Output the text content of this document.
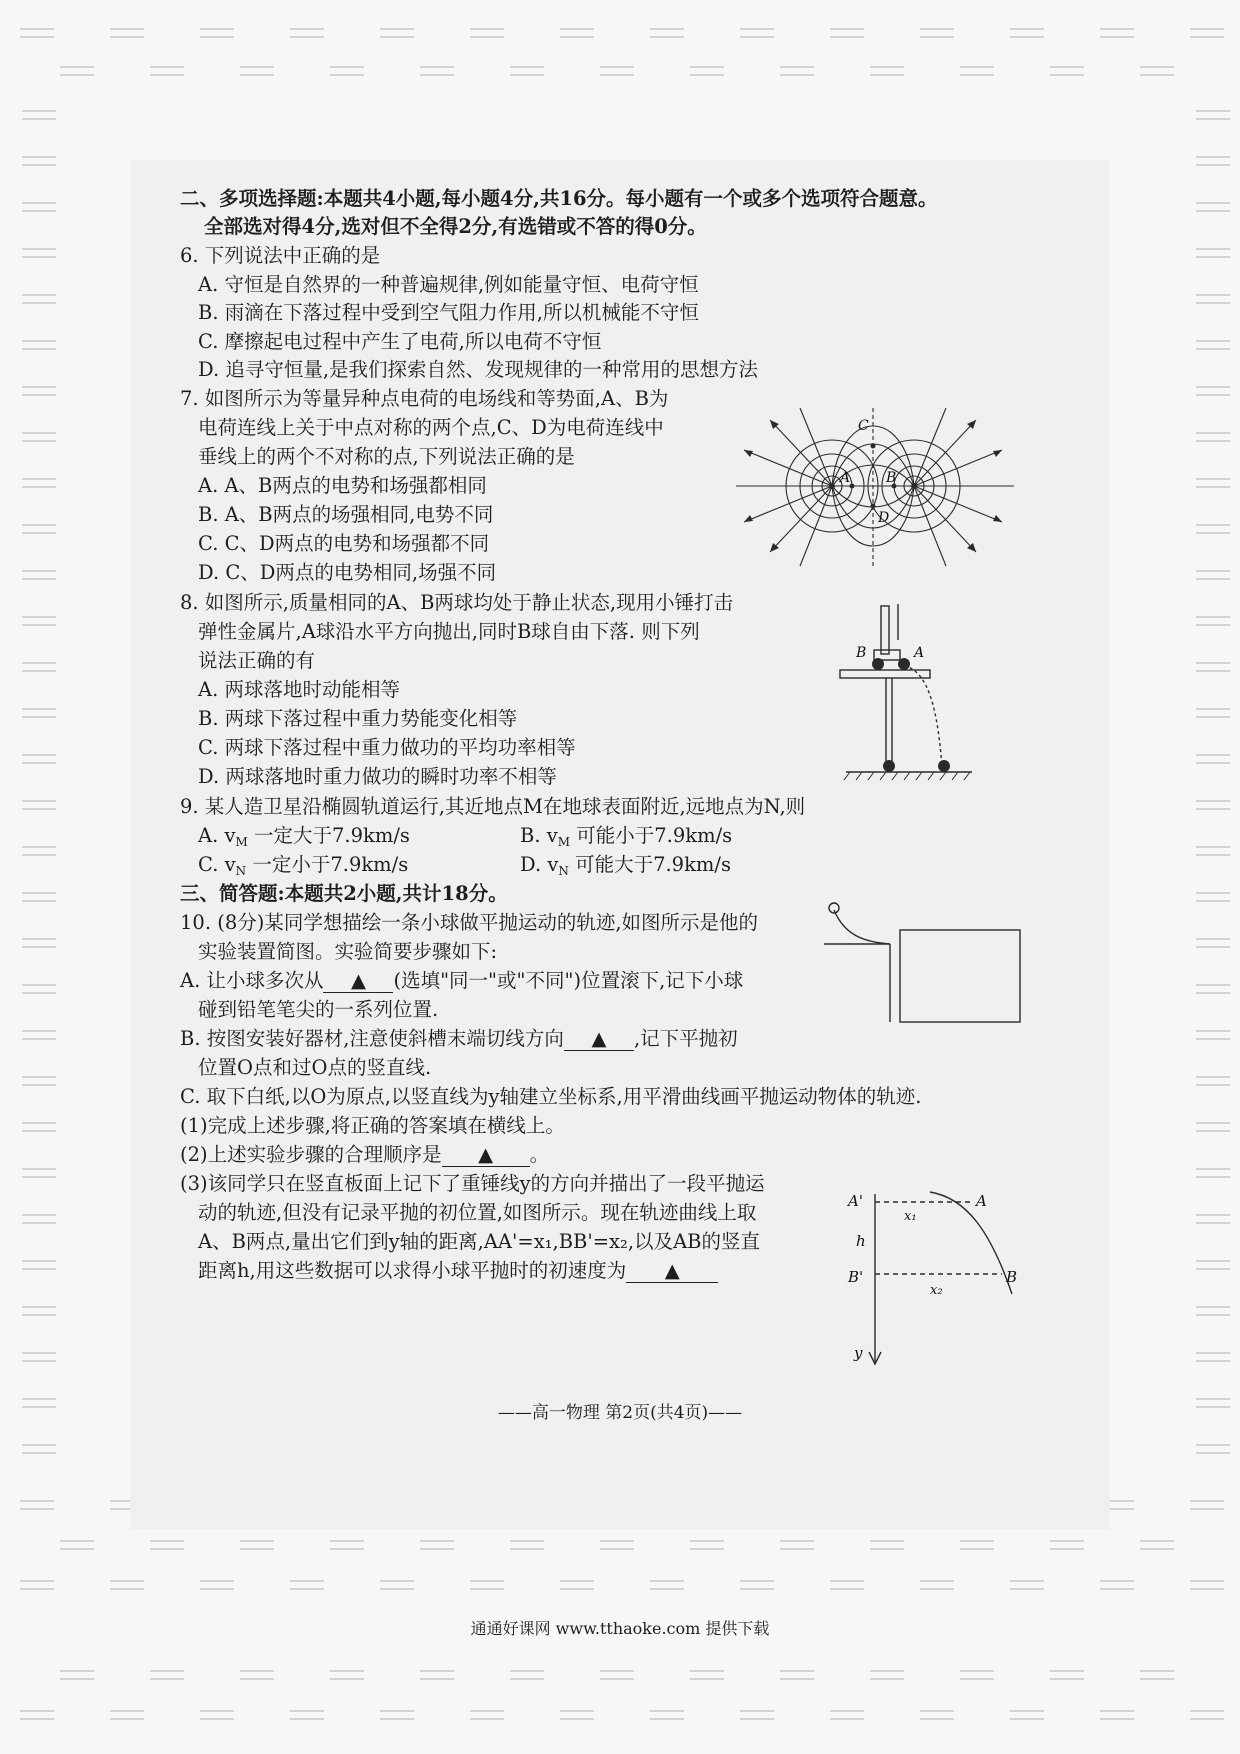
二、多项选择题:本题共4小题,每小题4分,共16分。每小题有一个或多个选项符合题意。
全部选对得4分,选对但不全得2分,有选错或不答的得0分。
6. 下列说法中正确的是
A. 守恒是自然界的一种普遍规律,例如能量守恒、电荷守恒
B. 雨滴在下落过程中受到空气阻力作用,所以机械能不守恒
C. 摩擦起电过程中产生了电荷,所以电荷不守恒
D. 追寻守恒量,是我们探索自然、发现规律的一种常用的思想方法
7. 如图所示为等量异种点电荷的电场线和等势面,A、B为
电荷连线上关于中点对称的两个点,C、D为电荷连线中
垂线上的两个不对称的点,下列说法正确的是
A. A、B两点的电势和场强都相同
B. A、B两点的场强相同,电势不同
C. C、D两点的电势和场强都不同
D. C、D两点的电势相同,场强不同
C
D
A	B
8. 如图所示,质量相同的A、B两球均处于静止状态,现用小锤打击
弹性金属片,A球沿水平方向抛出,同时B球自由下落. 则下列
说法正确的有
A. 两球落地时动能相等
B. 两球下落过程中重力势能变化相等
C. 两球下落过程中重力做功的平均功率相等
D. 两球落地时重力做功的瞬时功率不相等
B	A
9. 某人造卫星沿椭圆轨道运行,其近地点M在地球表面附近,远地点为N,则
A. $v_M$ 一定大于7.9km/s	B. $v_M$ 可能小于7.9km/s
C. $v_N$ 一定小于7.9km/s	D. $v_N$ 可能大于7.9km/s
三、简答题:本题共2小题,共计18分。
10. (8分)某同学想描绘一条小球做平抛运动的轨迹,如图所示是他的
实验装置简图。实验简要步骤如下:
A. 让小球多次从 ▲ (选填"同一"或"不同")位置滚下,记下小球
碰到铅笔笔尖的一系列位置.
B. 按图安装好器材,注意使斜槽末端切线方向 ▲ ,记下平抛初
位置O点和过O点的竖直线.
C. 取下白纸,以O为原点,以竖直线为y轴建立坐标系,用平滑曲线画平抛运动物体的轨迹.
(1)完成上述步骤,将正确的答案填在横线上。
(2)上述实验步骤的合理顺序是 ▲ 。
(3)该同学只在竖直板面上记下了重锤线y的方向并描出了一段平抛运
动的轨迹,但没有记录平抛的初位置,如图所示。现在轨迹曲线上取
A、B两点,量出它们到y轴的距离,AA'=x₁,BB'=x₂,以及AB的竖直
距离h,用这些数据可以求得小球平抛时的初速度为 ▲
A'	A
x₁
h
B'	B
x₂
y
——高一物理 第2页(共4页)——
通通好课网 www.tthaoke.com 提供下载
